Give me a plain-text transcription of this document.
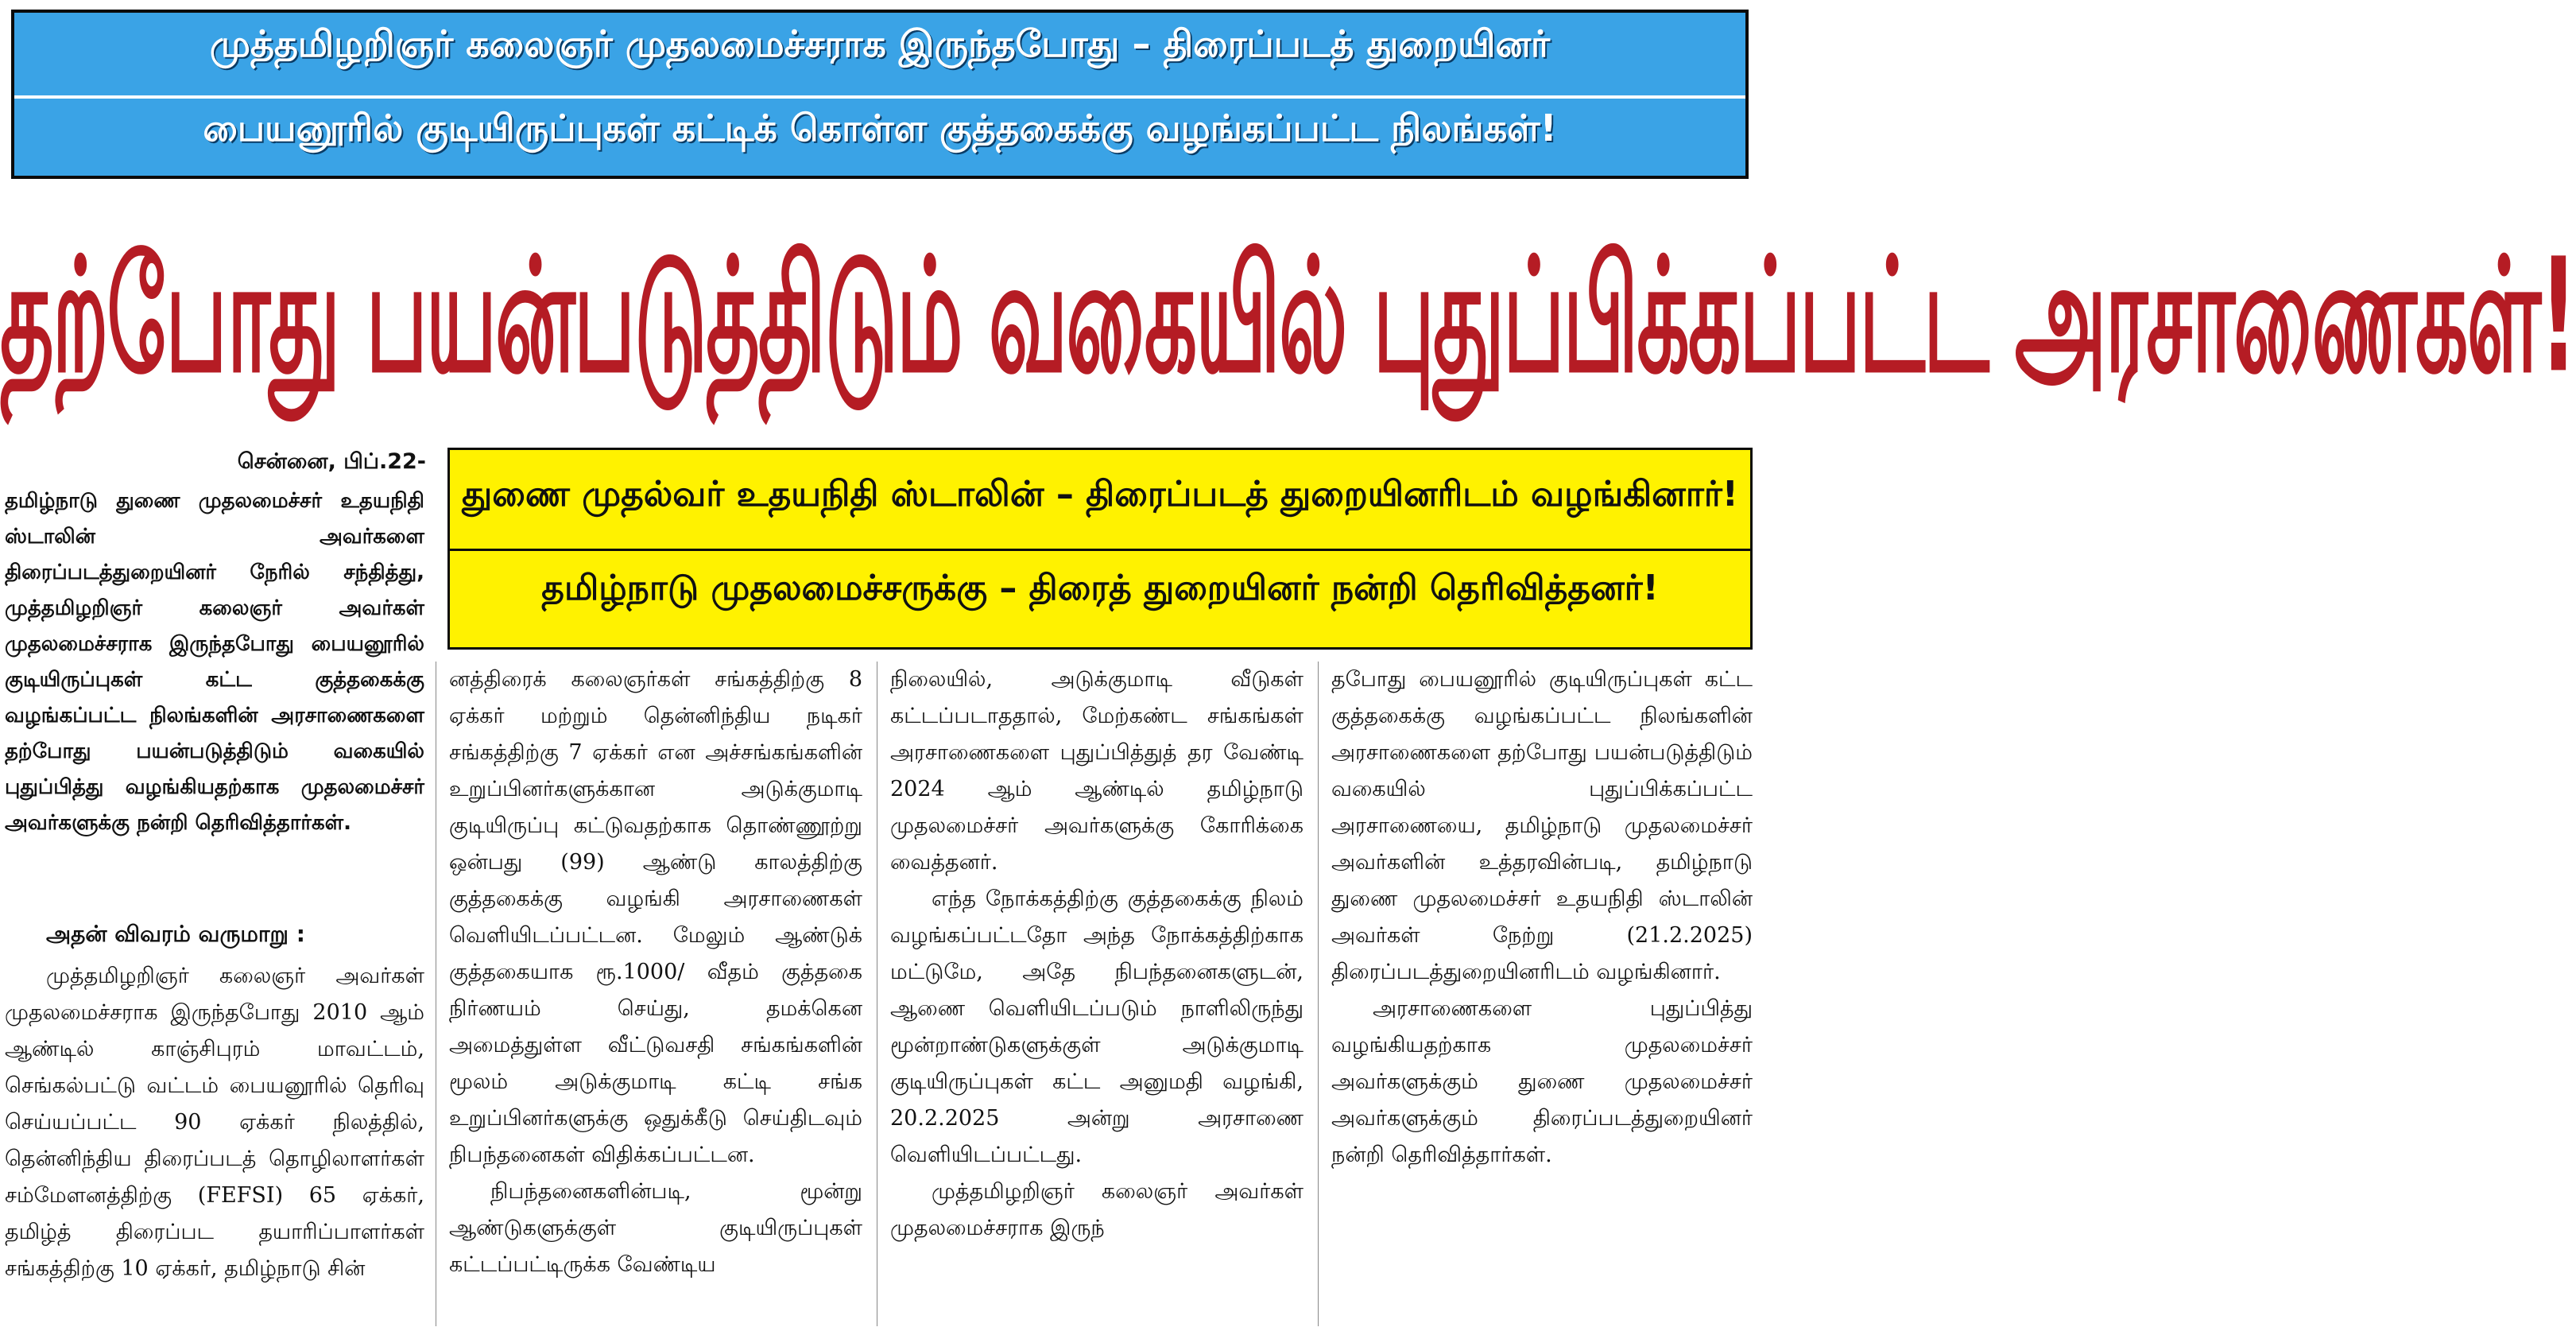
முத்தமிழறிஞர் கலைஞர் முதலமைச்சராக இருந்தபோது – திரைப்படத் துறையினர்
பையனூரில் குடியிருப்புகள் கட்டிக் கொள்ள குத்தகைக்கு வழங்கப்பட்ட நிலங்கள்!
தற்போது பயன்படுத்திடும் வகையில் புதுப்பிக்கப்பட்ட அரசாணைகள்!
துணை முதல்வர் உதயநிதி ஸ்டாலின் – திரைப்படத் துறையினரிடம் வழங்கினார்!
தமிழ்நாடு முதலமைச்சருக்கு – திரைத் துறையினர் நன்றி தெரிவித்தனர்!
சென்னை, பிப்.22-

தமிழ்நாடு துணை முதலமைச்சர் உதயநிதி ஸ்டாலின் அவர்களை திரைப்படத்துறையினர் நேரில் சந்தித்து, முத்தமிழறிஞர் கலைஞர் அவர்கள் முதலமைச்சராக இருந்தபோது பையனூரில் குடியிருப்புகள் கட்ட குத்தகைக்கு வழங்கப்பட்ட நிலங்களின் அரசாணைகளை தற்போது பயன்படுத்திடும் வகையில் புதுப்பித்து வழங்கியதற்காக முதலமைச்சர் அவர்களுக்கு நன்றி தெரிவித்தார்கள்.

அதன் விவரம் வருமாறு :

முத்தமிழறிஞர் கலைஞர் அவர்கள் முதலமைச்சராக இருந்தபோது 2010 ஆம் ஆண்டில் காஞ்சிபுரம் மாவட்டம், செங்கல்பட்டு வட்டம் பையனூரில் தெரிவு செய்யப்பட்ட 90 ஏக்கர் நிலத்தில், தென்னிந்திய திரைப்படத் தொழிலாளர்கள் சம்மேளனத்திற்கு (FEFSI) 65 ஏக்கர், தமிழ்த் திரைப்பட தயாரிப்பாளர்கள் சங்கத்திற்கு 10 ஏக்கர், தமிழ்நாடு சின்

னத்திரைக் கலைஞர்கள் சங்கத்திற்கு 8 ஏக்கர் மற்றும் தென்னிந்திய நடிகர் சங்கத்திற்கு 7 ஏக்கர் என அச்சங்கங்களின் உறுப்பினர்களுக்கான அடுக்குமாடி குடியிருப்பு கட்டுவதற்காக தொண்ணூற்று ஒன்பது (99) ஆண்டு காலத்திற்கு குத்தகைக்கு வழங்கி அரசாணைகள் வெளியிடப்பட்டன. மேலும் ஆண்டுக் குத்தகையாக ரூ.1000/ வீதம் குத்தகை நிர்ணயம் செய்து, தமக்கென அமைத்துள்ள வீட்டுவசதி சங்கங்களின் மூலம் அடுக்குமாடி கட்டி சங்க உறுப்பினர்களுக்கு ஒதுக்கீடு செய்திடவும் நிபந்தனைகள் விதிக்கப்பட்டன.

நிபந்தனைகளின்படி, மூன்று ஆண்டுகளுக்குள் குடியிருப்புகள் கட்டப்பட்டிருக்க வேண்டிய

நிலையில், அடுக்குமாடி வீடுகள் கட்டப்படாததால், மேற்கண்ட சங்கங்கள் அரசாணைகளை புதுப்பித்துத் தர வேண்டி 2024 ஆம் ஆண்டில் தமிழ்நாடு முதலமைச்சர் அவர்களுக்கு கோரிக்கை வைத்தனர்.

எந்த நோக்கத்திற்கு குத்தகைக்கு நிலம் வழங்கப்பட்டதோ அந்த நோக்கத்திற்காக மட்டுமே, அதே நிபந்தனைகளுடன், ஆணை வெளியிடப்படும் நாளிலிருந்து மூன்றாண்டுகளுக்குள் அடுக்குமாடி குடியிருப்புகள் கட்ட அனுமதி வழங்கி, 20.2.2025 அன்று அரசாணை வெளியிடப்பட்டது.

முத்தமிழறிஞர் கலைஞர் அவர்கள் முதலமைச்சராக இருந்

தபோது பையனூரில் குடியிருப்புகள் கட்ட குத்தகைக்கு வழங்கப்பட்ட நிலங்களின் அரசாணைகளை தற்போது பயன்படுத்திடும் வகையில் புதுப்பிக்கப்பட்ட அரசாணையை, தமிழ்நாடு முதலமைச்சர் அவர்களின் உத்தரவின்படி, தமிழ்நாடு துணை முதலமைச்சர் உதயநிதி ஸ்டாலின் அவர்கள் நேற்று (21.2.2025) திரைப்படத்துறையினரிடம் வழங்கினார்.

அரசாணைகளை புதுப்பித்து வழங்கியதற்காக முதலமைச்சர் அவர்களுக்கும் துணை முதலமைச்சர் அவர்களுக்கும் திரைப்படத்துறையினர் நன்றி தெரிவித்தார்கள்.
